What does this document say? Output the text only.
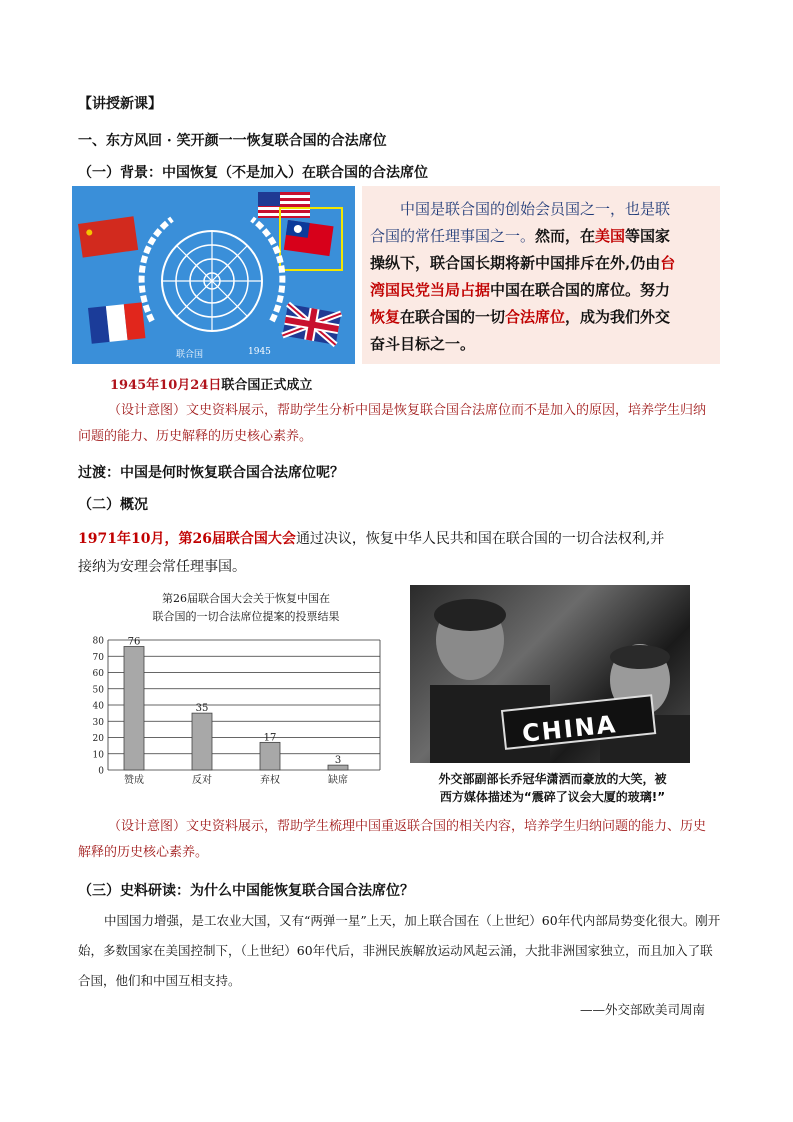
【讲授新课】
一、东方风回 · 笑开颜一一恢复联合国的合法席位
（一）背景：中国恢复（不是加入）在联合国的合法席位
联合国	1945
中国是联合国的创始会员国之一，也是联
合国的常任理事国之一。然而，在美国等国家
操纵下，联合国长期将新中国排斥在外,仍由台
湾国民党当局占据中国在联合国的席位。努力
恢复在联合国的一切合法席位，成为我们外交
奋斗目标之一。
1945年10月24日联合国正式成立
（设计意图）文史资料展示，帮助学生分析中国是恢复联合国合法席位而不是加入的原因，培养学生归纳问题的能力、历史解释的历史核心素养。
过渡：中国是何时恢复联合国合法席位呢？
（二）概况
1971年10月，第26届联合国大会通过决议，恢复中华人民共和国在联合国的一切合法权利,并
接纳为安理会常任理事国。
第26届联合国大会关于恢复中国在
联合国的一切合法席位提案的投票结果
0
10
20
30
40
50
60
70
80 76
赞成
35
反对
17
弃权
3
缺席
CHINA
外交部副部长乔冠华潇洒而豪放的大笑，被
西方媒体描述为“震碎了议会大厦的玻璃!”
（设计意图）文史资料展示，帮助学生梳理中国重返联合国的相关内容，培养学生归纳问题的能力、历史解释的历史核心素养。
（三）史料研读：为什么中国能恢复联合国合法席位？
中国国力增强，是工农业大国，又有“两弹一星”上天，加上联合国在（上世纪）60年代内部局势变化很大。刚开始，多数国家在美国控制下，（上世纪）60年代后，非洲民族解放运动风起云涌，大批非洲国家独立，而且加入了联合国，他们和中国互相支持。
——外交部欧美司周南
